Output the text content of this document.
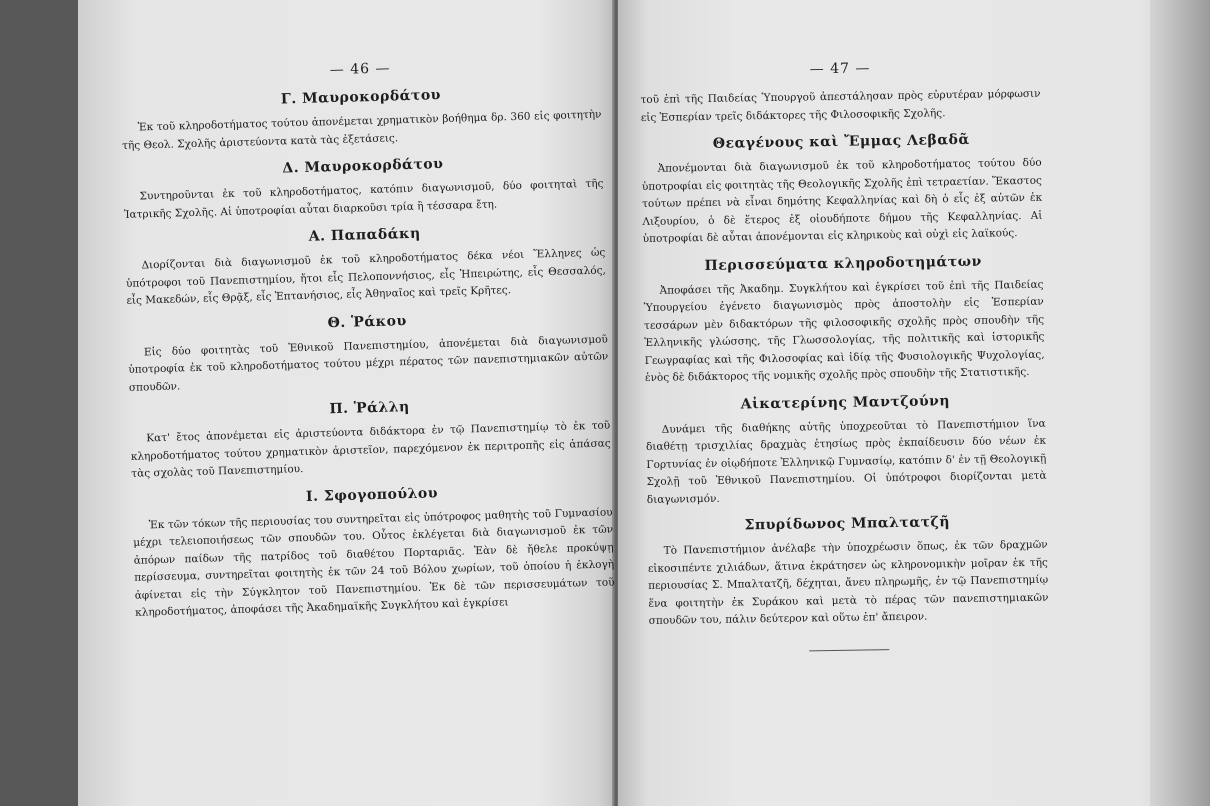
— 46 —
Γ. Μαυροκορδάτου

Ἐκ τοῦ κληροδοτήματος τούτου ἀπονέμεται χρηματικὸν βοήθημα δρ. 360 εἰς φοιτητὴν τῆς Θεολ. Σχολῆς ἀριστεύοντα κατὰ τὰς ἐξετάσεις.

Δ. Μαυροκορδάτου

Συντηροῦνται ἐκ τοῦ κληροδοτήματος, κατόπιν διαγωνισμοῦ, δύο φοιτηταὶ τῆς Ἰατρικῆς Σχολῆς. Αἱ ὑποτροφίαι αὗται διαρκοῦσι τρία ἢ τέσσαρα ἔτη.

Α. Παπαδάκη

Διορίζονται διὰ διαγωνισμοῦ ἐκ τοῦ κληροδοτήματος δέκα νέοι Ἕλληνες ὡς ὑπότροφοι τοῦ Πανεπιστημίου, ἤτοι εἷς Πελοποννήσιος, εἷς Ἠπειρώτης, εἷς Θεσσαλός, εἷς Μακεδών, εἷς Θρᾷξ, εἷς Ἑπτανήσιος, εἷς Ἀθηναῖος καὶ τρεῖς Κρῆτες.

Θ. Ῥάκου

Εἰς δύο φοιτητὰς τοῦ Ἐθνικοῦ Πανεπιστημίου, ἀπονέμεται διὰ διαγωνισμοῦ ὑποτροφία ἐκ τοῦ κληροδοτήματος τούτου μέχρι πέρατος τῶν πανεπιστημιακῶν αὐτῶν σπουδῶν.

Π. Ῥάλλη

Κατ' ἔτος ἀπονέμεται εἰς ἀριστεύοντα διδάκτορα ἐν τῷ Πανεπιστημίῳ τὸ ἐκ τοῦ κληροδοτήματος τούτου χρηματικὸν ἀριστεῖον, παρεχόμενον ἐκ περιτροπῆς εἰς ἁπάσας τὰς σχολὰς τοῦ Πανεπιστημίου.

Ι. Σφογοπούλου

Ἐκ τῶν τόκων τῆς περιουσίας του συντηρεῖται εἰς ὑπότροφος μαθητὴς τοῦ Γυμνασίου μέχρι τελειοποιήσεως τῶν σπουδῶν του. Οὗτος ἐκλέγεται διὰ διαγωνισμοῦ ἐκ τῶν ἀπόρων παίδων τῆς πατρίδος τοῦ διαθέτου Πορταριᾶς. Ἐὰν δὲ ἤθελε προκύψῃ περίσσευμα, συντηρεῖται φοιτητὴς ἐκ τῶν 24 τοῦ Βόλου χωρίων, τοῦ ὁποίου ἡ ἐκλογὴ ἀφίνεται εἰς τὴν Σύγκλητον τοῦ Πανεπιστημίου. Ἐκ δὲ τῶν περισσευμάτων τοῦ κληροδοτήματος, ἀποφάσει τῆς Ἀκαδημαϊκῆς Συγκλήτου καὶ ἐγκρίσει

— 47 —

τοῦ ἐπὶ τῆς Παιδείας Ὑπουργοῦ ἀπεστάλησαν πρὸς εὐρυτέραν μόρφωσιν εἰς Ἑσπερίαν τρεῖς διδάκτορες τῆς Φιλοσοφικῆς Σχολῆς.

Θεαγένους καὶ Ἔμμας Λεβαδᾶ

Ἀπονέμονται διὰ διαγωνισμοῦ ἐκ τοῦ κληροδοτήματος τούτου δύο ὑποτροφίαι εἰς φοιτητὰς τῆς Θεολογικῆς Σχολῆς ἐπὶ τετραετίαν. Ἕκαστος τούτων πρέπει νὰ εἶναι δημότης Κεφαλληνίας καὶ δὴ ὁ εἷς ἐξ αὐτῶν ἐκ Λιξουρίου, ὁ δὲ ἕτερος ἐξ οἱουδήποτε δήμου τῆς Κεφαλληνίας. Αἱ ὑποτροφίαι δὲ αὗται ἀπονέμονται εἰς κληρικοὺς καὶ οὐχὶ εἰς λαϊκούς.

Περισσεύματα κληροδοτημάτων

Ἀποφάσει τῆς Ἀκαδημ. Συγκλήτου καὶ ἐγκρίσει τοῦ ἐπὶ τῆς Παιδείας Ὑπουργείου ἐγένετο διαγωνισμὸς πρὸς ἀποστολὴν εἰς Ἑσπερίαν τεσσάρων μὲν διδακτόρων τῆς φιλοσοφικῆς σχολῆς πρὸς σπουδὴν τῆς Ἑλληνικῆς γλώσσης, τῆς Γλωσσολογίας, τῆς πολιτικῆς καὶ ἱστορικῆς Γεωγραφίας καὶ τῆς Φιλοσοφίας καὶ ἰδίᾳ τῆς Φυσιολογικῆς Ψυχολογίας, ἑνὸς δὲ διδάκτορος τῆς νομικῆς σχολῆς πρὸς σπουδὴν τῆς Στατιστικῆς.

Αἰκατερίνης Μαντζούνη

Δυνάμει τῆς διαθήκης αὐτῆς ὑποχρεοῦται τὸ Πανεπιστήμιον ἵνα διαθέτῃ τρισχιλίας δραχμὰς ἐτησίως πρὸς ἐκπαίδευσιν δύο νέων ἐκ Γορτυνίας ἐν οἱῳδήποτε Ἑλληνικῷ Γυμνασίῳ, κατόπιν δ' ἐν τῇ Θεολογικῇ Σχολῇ τοῦ Ἐθνικοῦ Πανεπιστημίου. Οἱ ὑπότροφοι διορίζονται μετὰ διαγωνισμόν.

Σπυρίδωνος Μπαλτατζῆ

Τὸ Πανεπιστήμιον ἀνέλαβε τὴν ὑποχρέωσιν ὅπως, ἐκ τῶν δραχμῶν εἰκοσιπέντε χιλιάδων, ἅτινα ἐκράτησεν ὡς κληρονομικὴν μοῖραν ἐκ τῆς περιουσίας Σ. Μπαλτατζῆ, δέχηται, ἄνευ πληρωμῆς, ἐν τῷ Πανεπιστημίῳ ἕνα φοιτητὴν ἐκ Συράκου καὶ μετὰ τὸ πέρας τῶν πανεπιστημιακῶν σπουδῶν του, πάλιν δεύτερον καὶ οὕτω ἐπ' ἄπειρον.
